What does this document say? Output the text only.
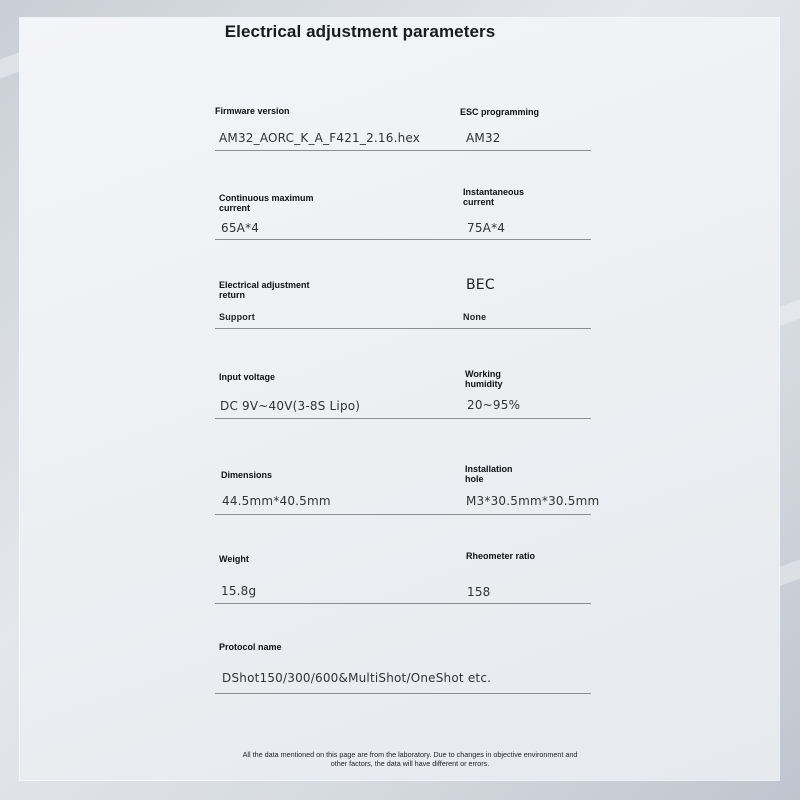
Electrical adjustment parameters
Firmware version
AM32_AORC_K_A_F421_2.16.hex
ESC programming
AM32
Continuous maximum current
65A*4
Instantaneous current
75A*4
Electrical adjustment return
Support
BEC
None
Input voltage
DC 9V~40V(3-8S Lipo)
Working humidity
20~95%
Dimensions
44.5mm*40.5mm
Installation hole
M3*30.5mm*30.5mm
Weight
15.8g
Rheometer ratio
158
Protocol name
DShot150/300/600&MultiShot/OneShot etc.
All the data mentioned on this page are from the laboratory. Due to changes in objective environment and other factors, the data will have different or errors.
